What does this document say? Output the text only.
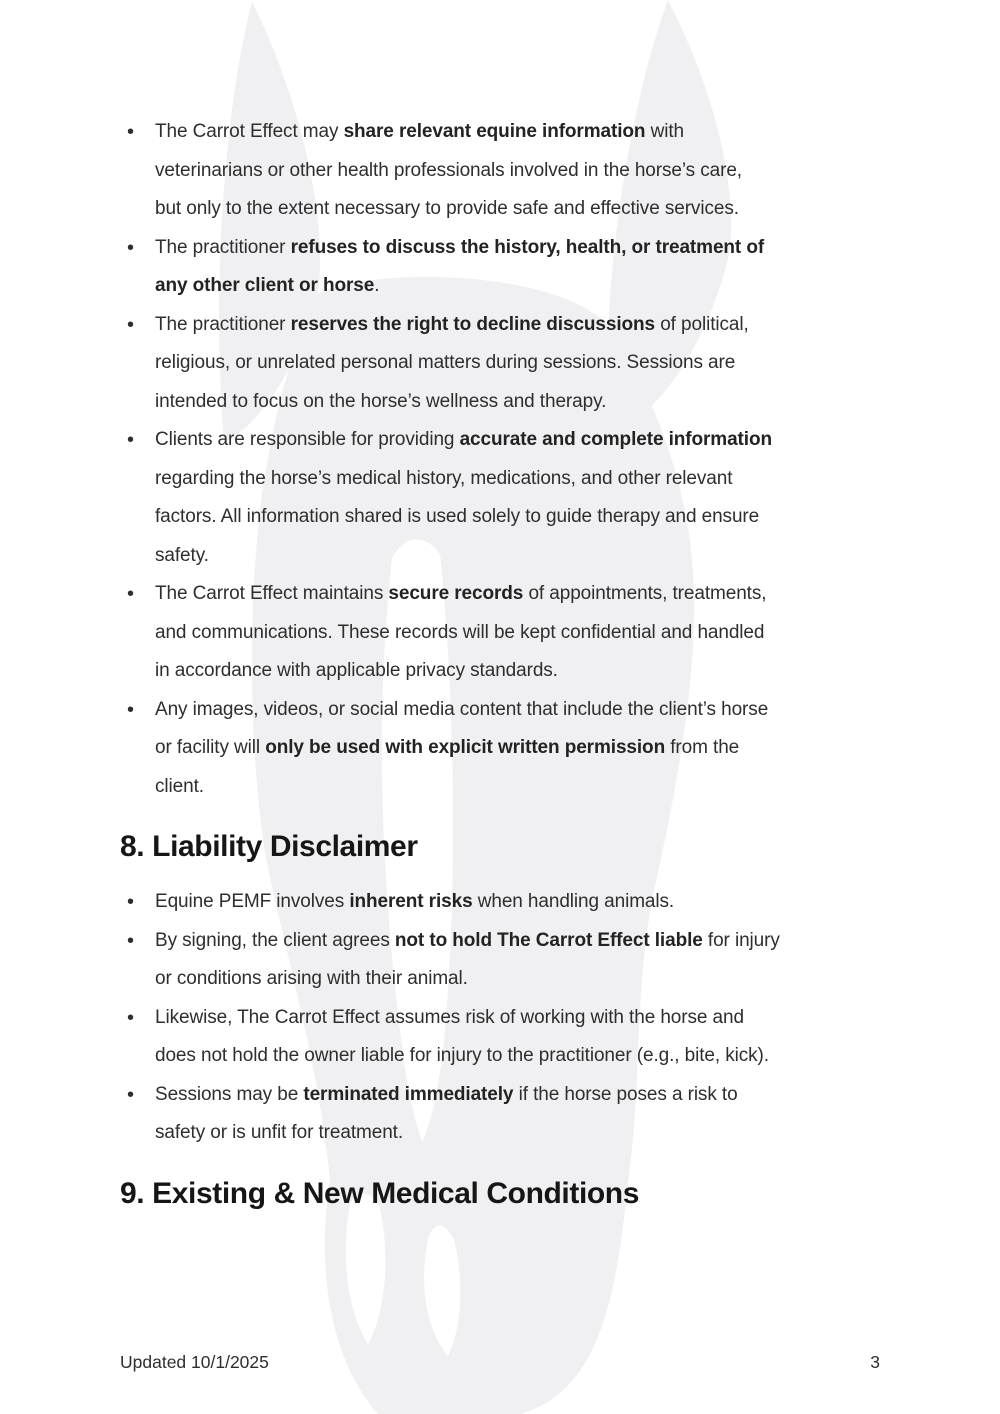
• The Carrot Effect may share relevant equine information with
veterinarians or other health professionals involved in the horse’s care,
but only to the extent necessary to provide safe and effective services.
• The practitioner refuses to discuss the history, health, or treatment of
any other client or horse.
• The practitioner reserves the right to decline discussions of political,
religious, or unrelated personal matters during sessions. Sessions are
intended to focus on the horse’s wellness and therapy.
• Clients are responsible for providing accurate and complete information
regarding the horse’s medical history, medications, and other relevant
factors. All information shared is used solely to guide therapy and ensure
safety.
• The Carrot Effect maintains secure records of appointments, treatments,
and communications. These records will be kept confidential and handled
in accordance with applicable privacy standards.
• Any images, videos, or social media content that include the client’s horse
or facility will only be used with explicit written permission from the
client.
8. Liability Disclaimer
• Equine PEMF involves inherent risks when handling animals.
• By signing, the client agrees not to hold The Carrot Effect liable for injury
or conditions arising with their animal.
• Likewise, The Carrot Effect assumes risk of working with the horse and
does not hold the owner liable for injury to the practitioner (e.g., bite, kick).
• Sessions may be terminated immediately if the horse poses a risk to
safety or is unfit for treatment.
9. Existing & New Medical Conditions
Updated 10/1/2025	3
